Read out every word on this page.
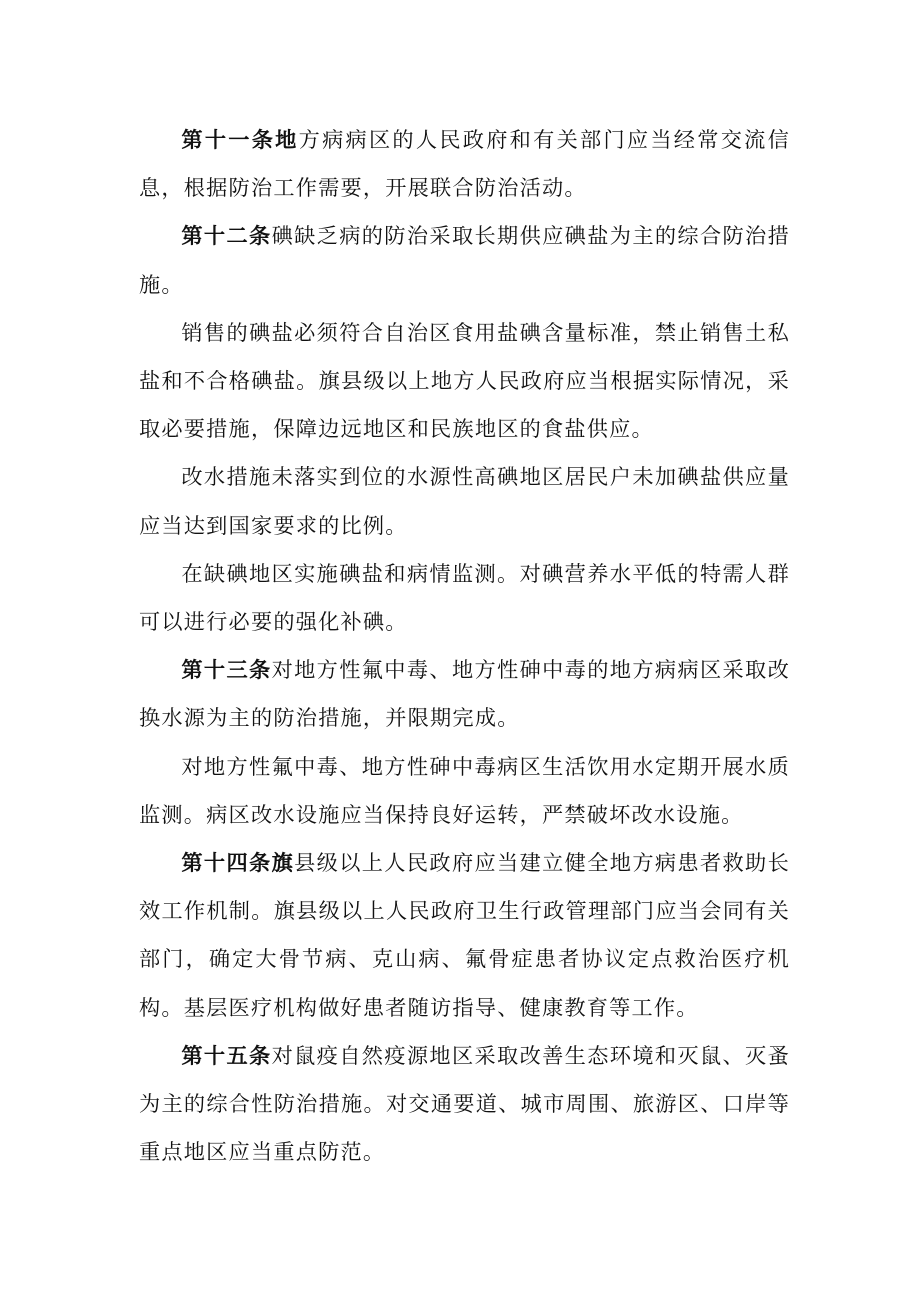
第十一条地方病病区的人民政府和有关部门应当经常交流信息，根据防治工作需要，开展联合防治活动。

第十二条碘缺乏病的防治采取长期供应碘盐为主的综合防治措施。

销售的碘盐必须符合自治区食用盐碘含量标准，禁止销售土私盐和不合格碘盐。旗县级以上地方人民政府应当根据实际情况，采取必要措施，保障边远地区和民族地区的食盐供应。

改水措施未落实到位的水源性高碘地区居民户未加碘盐供应量应当达到国家要求的比例。

在缺碘地区实施碘盐和病情监测。对碘营养水平低的特需人群可以进行必要的强化补碘。

第十三条对地方性氟中毒、地方性砷中毒的地方病病区采取改换水源为主的防治措施，并限期完成。

对地方性氟中毒、地方性砷中毒病区生活饮用水定期开展水质监测。病区改水设施应当保持良好运转，严禁破坏改水设施。

第十四条旗县级以上人民政府应当建立健全地方病患者救助长效工作机制。旗县级以上人民政府卫生行政管理部门应当会同有关部门，确定大骨节病、克山病、氟骨症患者协议定点救治医疗机构。基层医疗机构做好患者随访指导、健康教育等工作。

第十五条对鼠疫自然疫源地区采取改善生态环境和灭鼠、灭蚤为主的综合性防治措施。对交通要道、城市周围、旅游区、口岸等重点地区应当重点防范。
